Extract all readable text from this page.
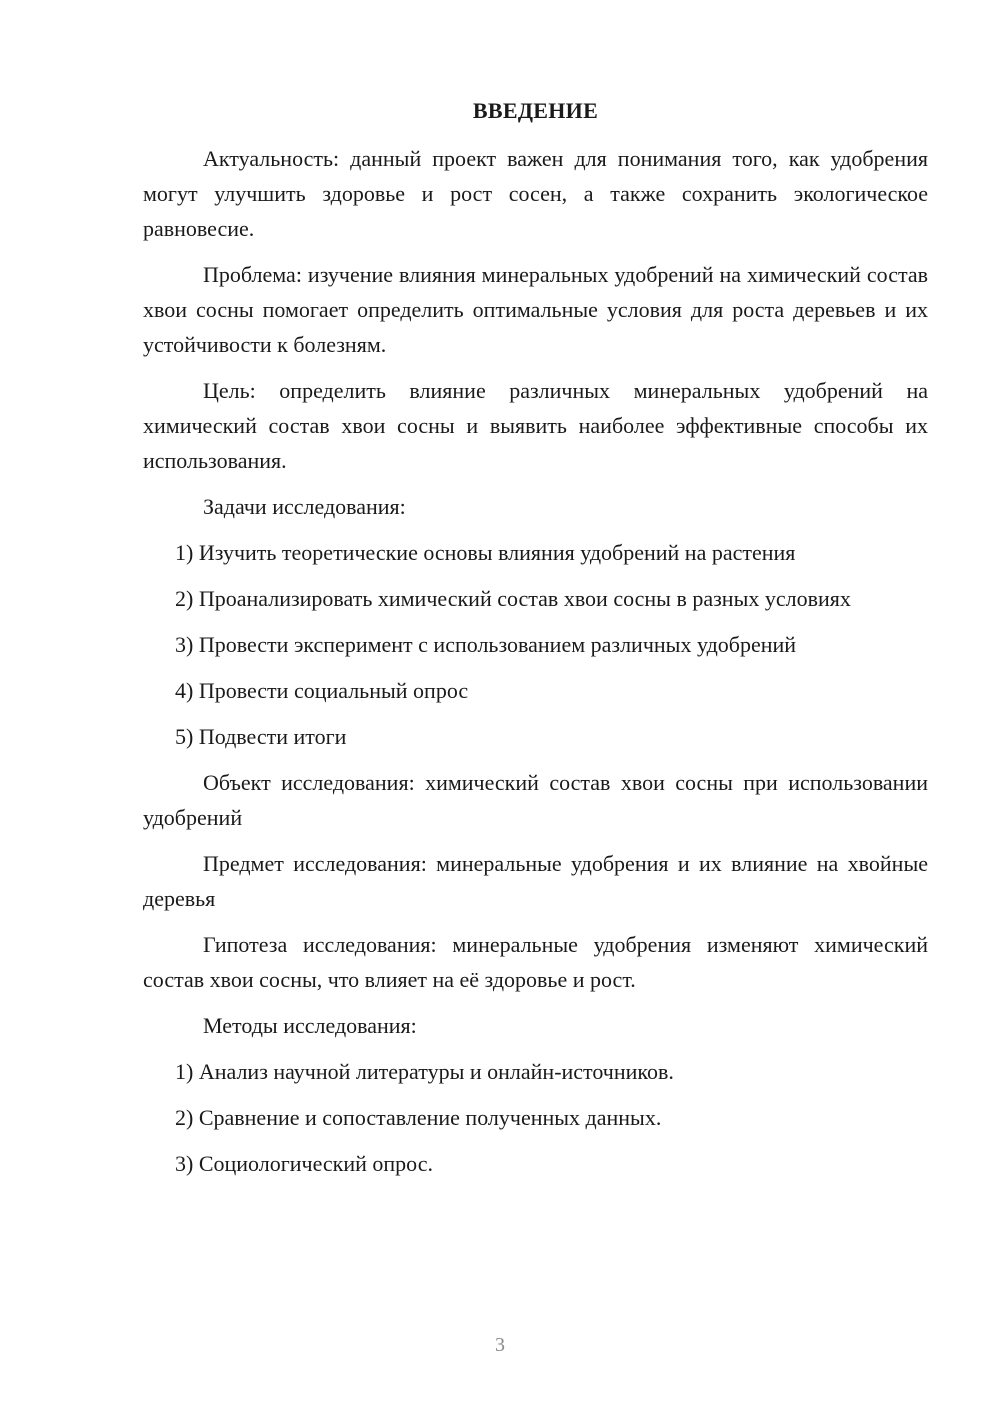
ВВЕДЕНИЕ

Актуальность: данный проект важен для понимания того, как удобрения могут улучшить здоровье и рост сосен, а также сохранить экологическое равновесие.

Проблема: изучение влияния минеральных удобрений на химический состав хвои сосны помогает определить оптимальные условия для роста деревьев и их устойчивости к болезням.

Цель: определить влияние различных минеральных удобрений на химический состав хвои сосны и выявить наиболее эффективные способы их использования.

Задачи исследования:

1) Изучить теоретические основы влияния удобрений на растения

2) Проанализировать химический состав хвои сосны в разных условиях

3) Провести эксперимент с использованием различных удобрений

4) Провести социальный опрос

5) Подвести итоги

Объект исследования: химический состав хвои сосны при использовании удобрений

Предмет исследования: минеральные удобрения и их влияние на хвойные деревья

Гипотеза исследования: минеральные удобрения изменяют химический состав хвои сосны, что влияет на её здоровье и рост.

Методы исследования:

1) Анализ научной литературы и онлайн-источников.

2) Сравнение и сопоставление полученных данных.

3) Социологический опрос.

3
